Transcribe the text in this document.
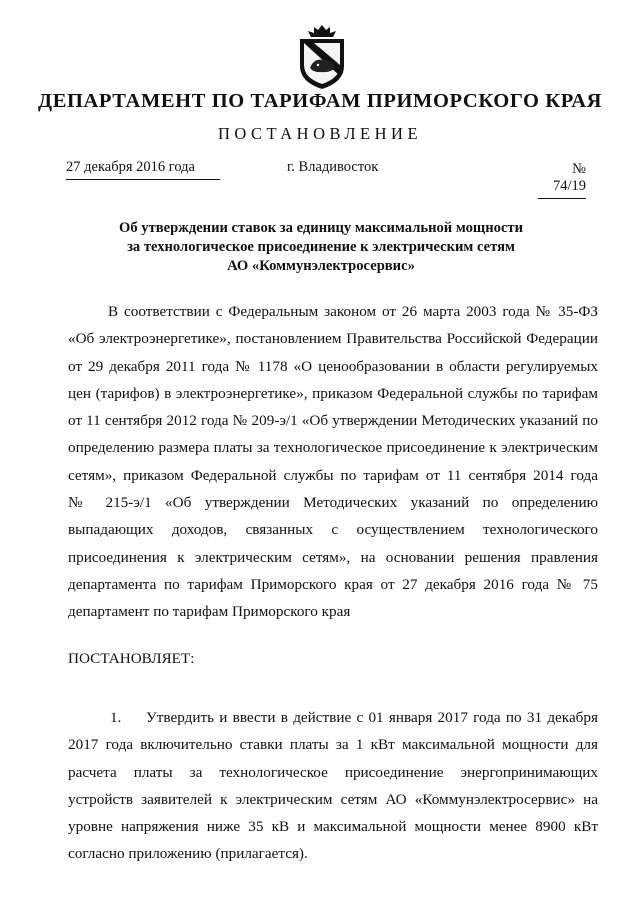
ДЕПАРТАМЕНТ ПО ТАРИФАМ ПРИМОРСКОГО КРАЯ
ПОСТАНОВЛЕНИЕ
27 декабря 2016 года	г. Владивосток	№ 74/19
Об утверждении ставок за единицу максимальной мощности
за технологическое присоединение к электрическим сетям
АО «Коммунэлектросервис»
В соответствии с Федеральным законом от 26 марта 2003 года № 35-ФЗ
«Об электроэнергетике», постановлением Правительства Российской Федерации
от 29 декабря 2011 года № 1178 «О ценообразовании в области регулируемых
цен (тарифов) в электроэнергетике», приказом Федеральной службы по тарифам
от 11 сентября 2012 года № 209-э/1 «Об утверждении Методических указаний по
определению размера платы за технологическое присоединение к электрическим
сетям», приказом Федеральной службы по тарифам от 11 сентября 2014 года
№ 215-э/1 «Об утверждении Методических указаний по определению
выпадающих доходов, связанных с осуществлением технологического
присоединения к электрическим сетям», на основании решения правления
департамента по тарифам Приморского края от 27 декабря 2016 года № 75
департамент по тарифам Приморского края
ПОСТАНОВЛЯЕТ:
1. Утвердить и ввести в действие с 01 января 2017 года по 31 декабря
2017 года включительно ставки платы за 1 кВт максимальной мощности для
расчета платы за технологическое присоединение энергопринимающих
устройств заявителей к электрическим сетям АО «Коммунэлектросервис» на
уровне напряжения ниже 35 кВ и максимальной мощности менее 8900 кВт
согласно приложению (прилагается).
